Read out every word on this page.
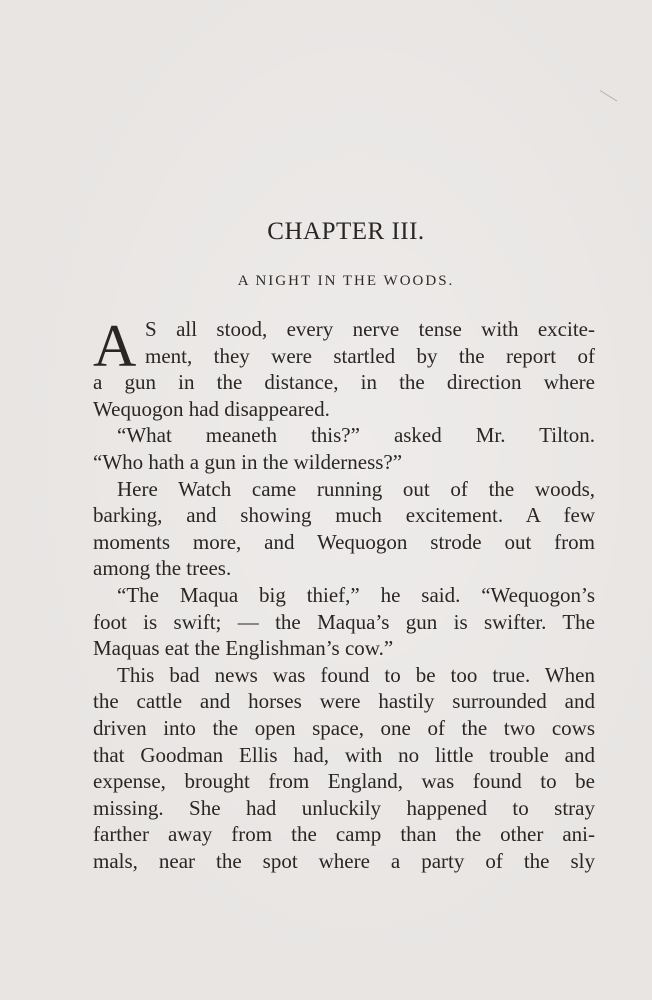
CHAPTER III.
A NIGHT IN THE WOODS.
A S all stood, every nerve tense with excite-
ment, they were startled by the report of
a gun in the distance, in the direction where
Wequogon had disappeared.
“What meaneth this?” asked Mr. Tilton.
“Who hath a gun in the wilderness?”
Here Watch came running out of the woods,
barking, and showing much excitement. A few
moments more, and Wequogon strode out from
among the trees.
“The Maqua big thief,” he said. “Wequogon’s
foot is swift; — the Maqua’s gun is swifter. The
Maquas eat the Englishman’s cow.”
This bad news was found to be too true. When
the cattle and horses were hastily surrounded and
driven into the open space, one of the two cows
that Goodman Ellis had, with no little trouble and
expense, brought from England, was found to be
missing. She had unluckily happened to stray
farther away from the camp than the other ani-
mals, near the spot where a party of the sly
